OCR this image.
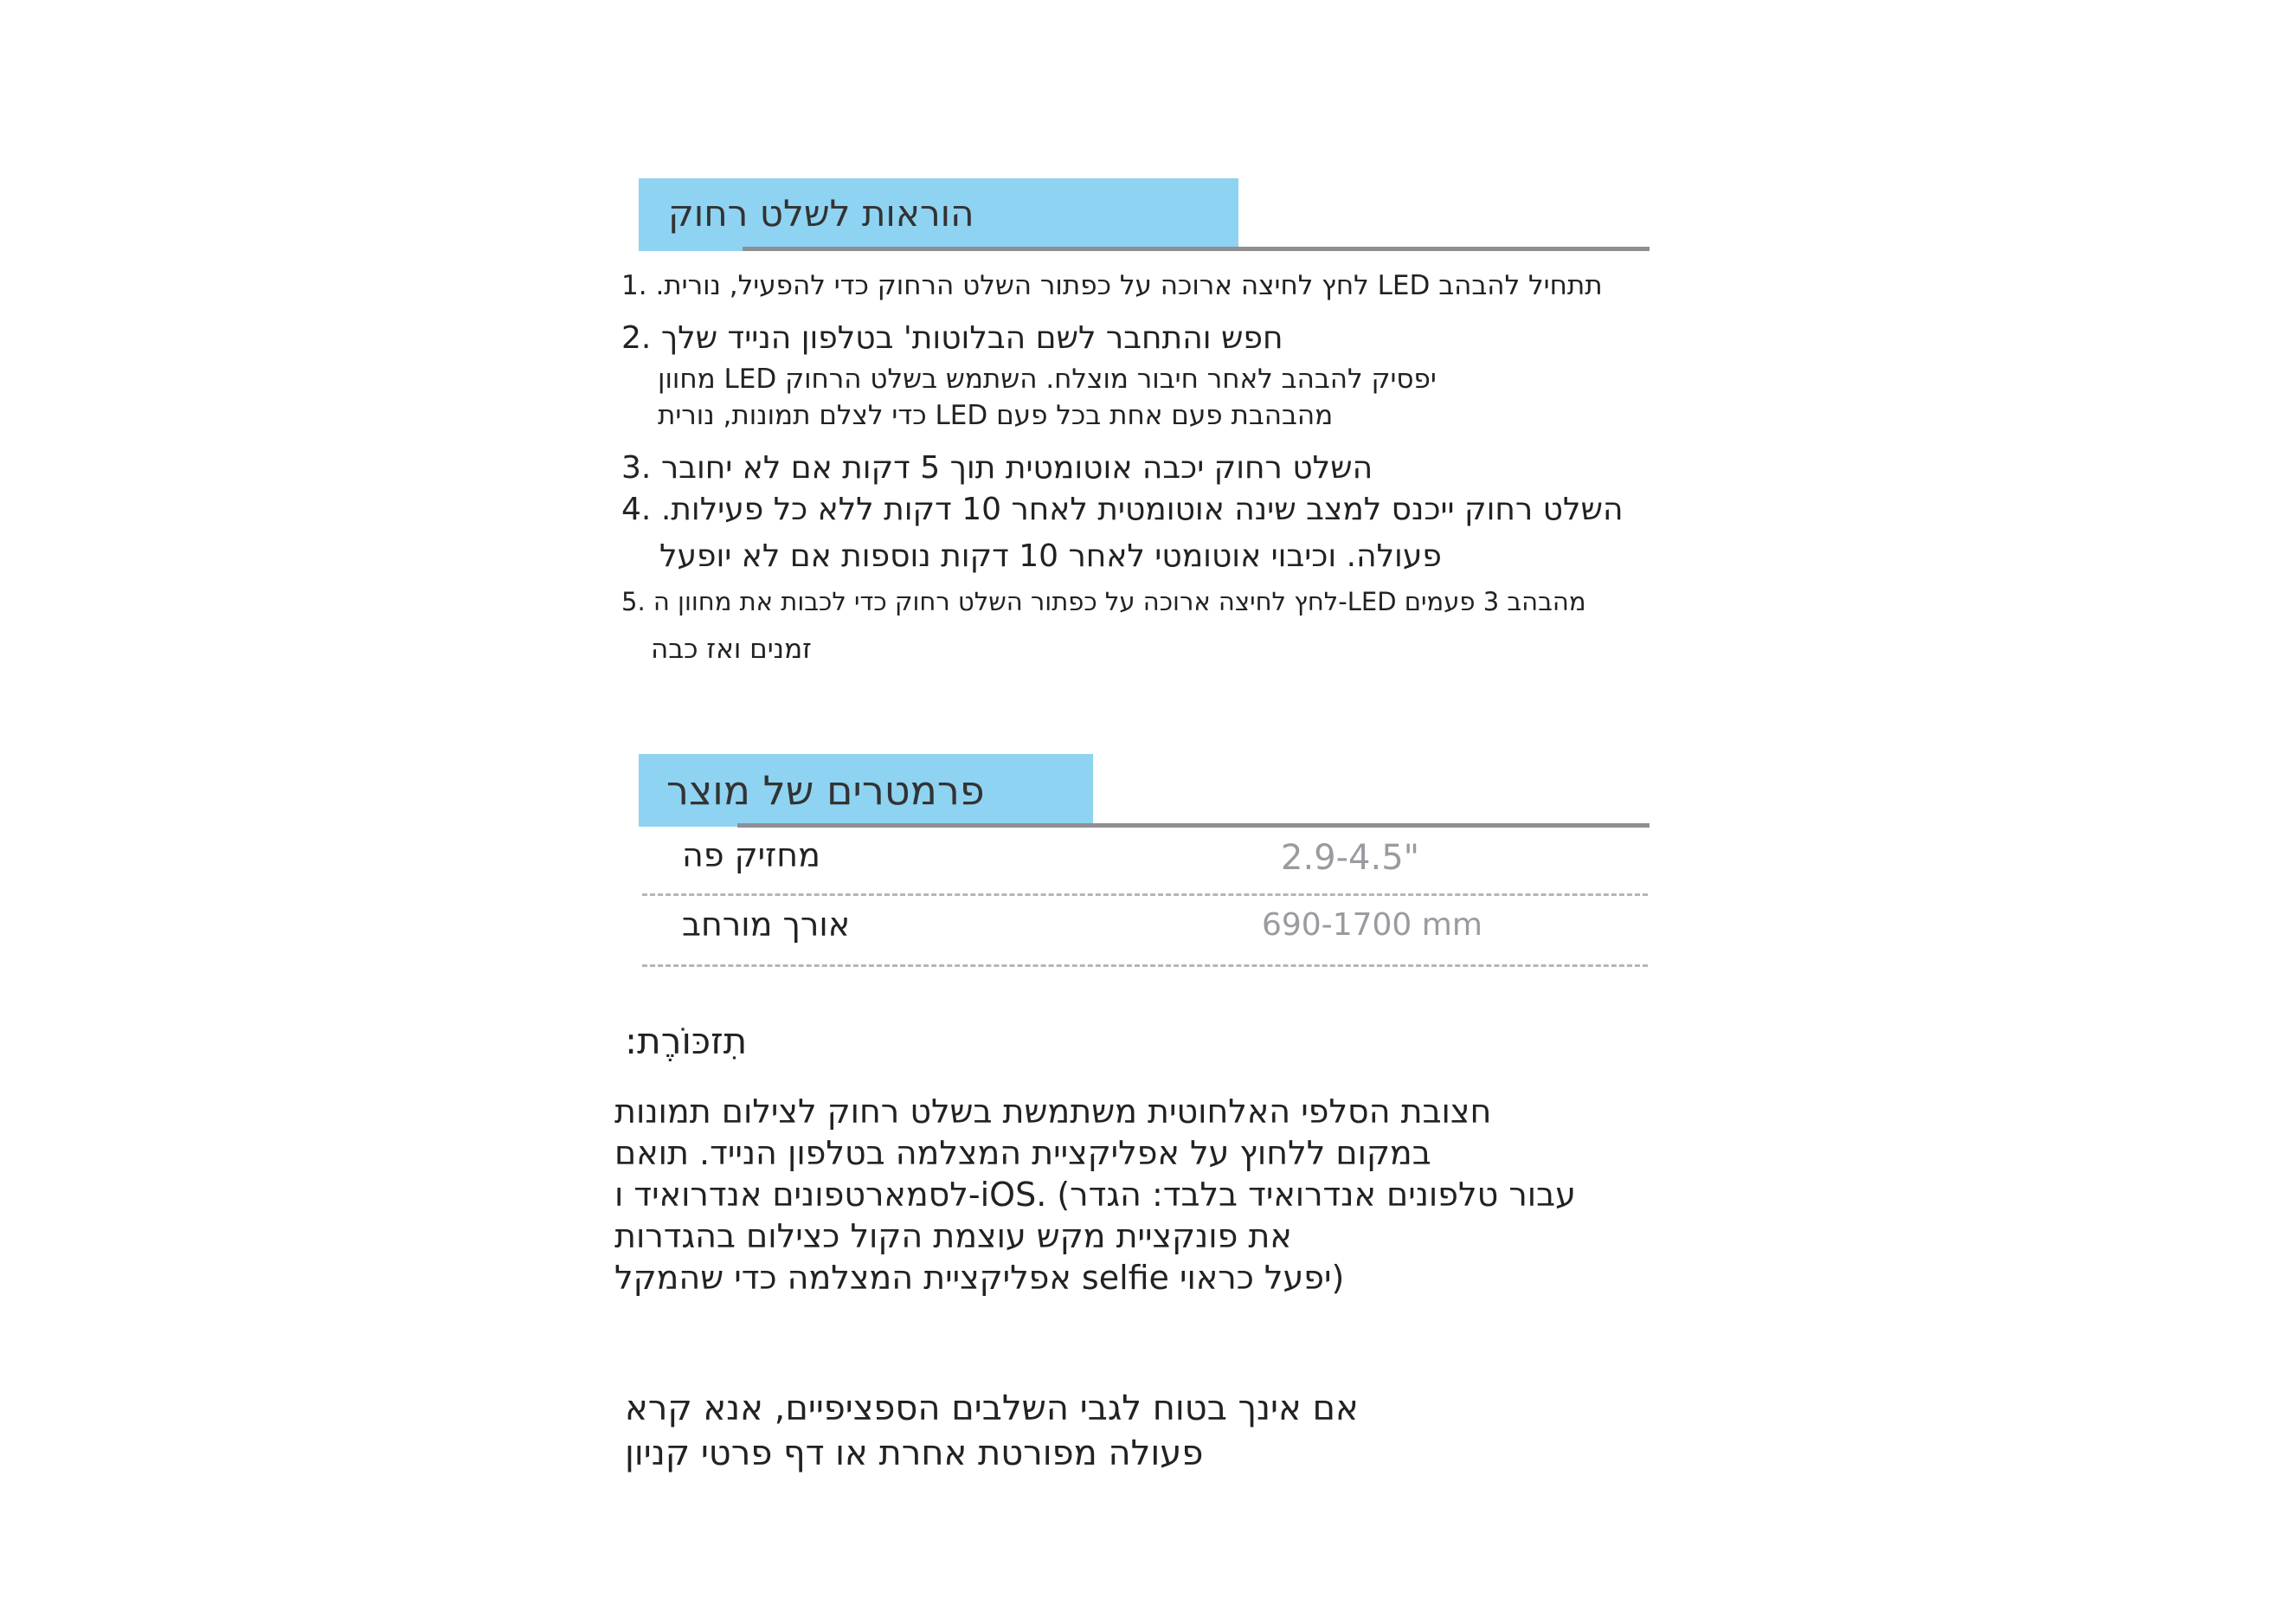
הוראות לשלט רחוק
1. תתחיל להבהב LED לחץ לחיצה ארוכה על כפתור השלט הרחוק כדי להפעיל, נורית.
2. חפש והתחבר לשם הבלוטות' בטלפון הנייד שלך
יפסיק להבהב לאחר חיבור מוצלח. השתמש בשלט הרחוק LED מחוון
מהבהבת פעם אחת בכל פעם LED כדי לצלם תמונות, נורית
3. השלט רחוק יכבה אוטומטית תוך 5 דקות אם לא יחובר
4. השלט רחוק ייכנס למצב שינה אוטומטית לאחר 10 דקות ללא כל פעילות.
פעולה. וכיבוי אוטומטי לאחר 10 דקות נוספות אם לא יופעל
5. מהבהב 3 פעמים LED-לחץ לחיצה ארוכה על כפתור השלט רחוק כדי לכבות את מחוון ה
זמנים ואז כבה
פרמטרים של מוצר
מחזיק פה	2.9-4.5"
אורך מורחב	690-1700 mm
תִזכּוֹרֶת:
חצובת הסלפי האלחוטית משתמשת בשלט רחוק לצילום תמונות
במקום ללחוץ על אפליקציית המצלמה בטלפון הנייד. תואם
עבור טלפונים אנדרואיד בלבד: הגדר) .iOS-לסמארטפונים אנדרואיד ו
את פונקציית מקש עוצמת הקול כצילום בהגדרות
(יפעל כראוי selfie אפליקציית המצלמה כדי שהמקל
אם אינך בטוח לגבי השלבים הספציפיים, אנא קרא
פעולה מפורטת אחרת או דף פרטי קניון
